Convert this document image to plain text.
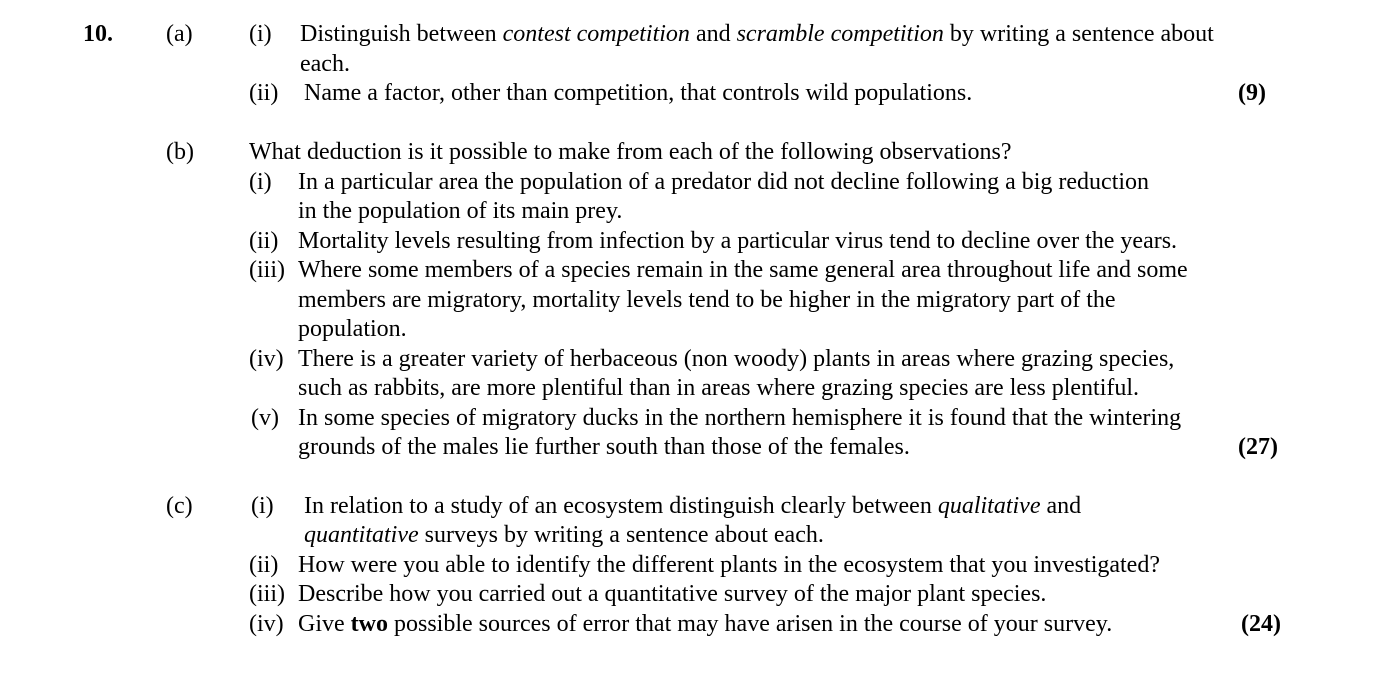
10. (a) (i) Distinguish between contest competition and scramble competition by writing a sentence about
each.
(ii) Name a factor, other than competition, that controls wild populations.	(9)
(b) What deduction is it possible to make from each of the following observations?
(i) In a particular area the population of a predator did not decline following a big reduction
in the population of its main prey.
(ii) Mortality levels resulting from infection by a particular virus tend to decline over the years.
(iii) Where some members of a species remain in the same general area throughout life and some
members are migratory, mortality levels tend to be higher in the migratory part of the
population.
(iv) There is a greater variety of herbaceous (non woody) plants in areas where grazing species,
such as rabbits, are more plentiful than in areas where grazing species are less plentiful.
(v) In some species of migratory ducks in the northern hemisphere it is found that the wintering
grounds of the males lie further south than those of the females.	(27)
(c) (i) In relation to a study of an ecosystem distinguish clearly between qualitative and
quantitative surveys by writing a sentence about each.
(ii) How were you able to identify the different plants in the ecosystem that you investigated?
(iii) Describe how you carried out a quantitative survey of the major plant species.
(iv) Give two possible sources of error that may have arisen in the course of your survey.	(24)
